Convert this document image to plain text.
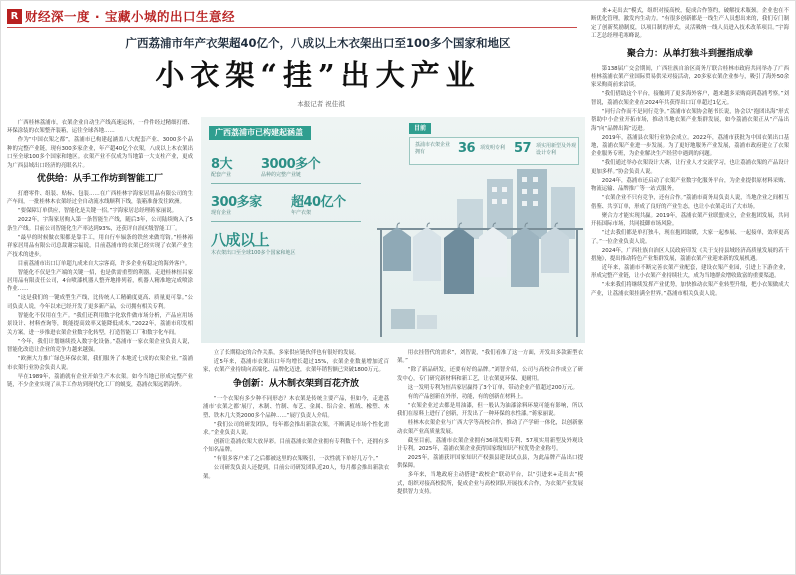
R 财经深一度 · 宝藏小城的出口生意经
广西荔浦市年产衣架超40亿个，八成以上木衣架出口至100多个国家和地区
小衣架“挂”出大产业
本报记者 祝佳祺

广西桂林荔浦市，衣架企业自动生产线高速运转，一件件经过精细打磨、环保涂装的衣架整齐装箱，运往全球各地……

作为“中国衣架之都”，荔浦市已构建起涵盖八大配套产业、3000多个品种的完整产业链，现有300多家企业，年产超40亿个衣架，八成以上木衣架出口至全球100多个国家和地区。衣架产业不仅成为当地第一大支柱产业，更成为广西县域出口经济的亮眼名片。

优供给：从手工作坊到智能工厂

打磨零件、组装、贴标、包装……在广西桂林宇海家居用品有限公司的生产车间，一批桂林木衣架经过全自动流水线顺利下线，装箱准备发往欧洲。

“要保障订单供应，智能化是关键一招。”宇海家居总经理蒋家丽说。

2022年，宇海家居购入第一条智能生产线，随后3年，公司陆续购入了5条生产线。目前公司智能化生产率达到93%，还获评自治区级智能工厂。

“最早的时候做衣架都是靠手工，用自行车辐条的铁丝来做弯钩。”桂林裕祥家居用品有限公司总裁谢宗福说，目前荔浦市的衣架已经实现了衣架产业生产技术的进步。

目前荔浦市出口订单超九成来自大宗客商，许多企业有稳定的海外客户。

智能化不仅是生产端的关键一招，也是供需重塑的利器。走进桂林恒昌家居用品有限责任公司，4台喷漆机器人整齐地排列着，机器人精准地完成喷涂作业……

“这是我们的一键成型生产线，比传统人工精确度更高、质量更可靠。”公司负责人说，今年以来已经开发了更多新产品，公司拥有相关专利。

智能化不仅用在生产。“我们还利用数字化软件做市场分析，产品应用场景设计、材料查询等，既能提高效率又能降低成本。”2022年，荔浦市印发相关方案，进一步推进衣架企业数字化转型，打造智能工厂和数字化车间。

“今年，我们计划继续投入数字化设备。”荔浦市一家衣架企业负责人说，智能化改造让企业的竞争力越来越强。

“欧洲大力推广绿色环保衣架，我们服务了本地近七成的衣架企业。”荔浦市衣架行业协会负责人说。

早在1989年，荔浦就有企业开始生产木衣架。如今当地已形成完整产业链，不少企业实现了从手工作坊到现代化工厂的蜕变，荔浦衣架远销海外。

广西荔浦市已构建起涵盖
8大
配套产业
3000多个
品种的完整产业链
300多家
现有企业
超40亿个
年产衣架
八成以上
木衣架出口至全球100多个国家和地区
目前
荔浦市衣架企业拥有	36 项发明专利 57 项实用新型及外观设计专利

立了长期稳定的合作关系，多家供应链伙伴也有很好的发展。

近5年来，荔浦市衣架出口年均增长超过15%，衣架企业数量增加近百家，衣架产业持续向高端化、品牌化迈进，衣架年销售额已突破1800万元。

争创新：从木制衣架到百花齐放

“一个衣架有多少种不同形态？木衣架是传统主要产品，但如今，走进荔浦市‘衣架之都’展厅，木制、竹制、布艺、金属、铝合金、植绒、橡塑、木塑、铁木几大类2000多个品种……”展厅负责人介绍。

“我们公司的研发团队，每年都会推出新款衣架，不断满足市场个性化需求。”企业负责人说。

创新让荔浦衣架大放异彩。目前荔浦衣架企业拥有专利数千个，还拥有多个知名品牌。

“有很多客户来了之后都被这里的衣架吸引，一次性就下单好几万个。”

公司研发负责人还提到，目前公司研发团队近20人，每月都会推出新款衣架。

用衣挂替代的需求”，刘智说，“我们看准了这一方面，开发出多款新型衣架。”

“除了新品研发，还要有好的品牌。”刘智介绍，公司与高校合作成立了研发中心，专门研究新材料和新工艺，让衣架更环保、更耐用。

这一发明专利为恒昌家居赢得了3个订单，带动企业产值超过200万元。

有的产品创新在外形，功能，有的创新在材料上。

“衣架企业过去都是用油漆，但一般认为油漆涂料环境可能有影响，所以我们在原料上进行了创新，开发出了一种环保的水性漆。”蒋家丽说。

桂林木衣架企业与广西大学等高校合作，推动了产学研一体化，以创新驱动衣架产业高质量发展。

截至目前，荔浦市衣架企业拥有36项发明专利、57项实用新型及外观设计专利。2025年，荔浦衣架企业获得国家级知识产权优势企业称号。

2025年，荔浦获评国家知识产权强县建设试点县，为此品牌产品出口提供保障。

多年来，当地政府主动搭建“政校企”联动平台，以“引进来+走出去”模式，组织对接高校院所，促成企业与高校团队开展技术合作，为衣架产业发展提供智力支持。

来+走出去”模式，组织对接高校，促成合作签约，破解技术瓶颈。企业也在不断优化管理，激发内生动力。“有很多创新都是一线生产人员想出来的，我们专门制定了创新奖励制度，以项目制的形式，灵活吸纳一线人员进入技术改革项目。”宇海工艺总经理毛寒峰说。

聚合力：从单打独斗到握指成拳

第138届广交会期间，广西壮族自治区商务厅联合桂林市政府共同举办了广西桂林荔浦衣架产业国际贸易供采对接活动，20多家衣架企业参与，吸引了海外50余家采购商前来洽谈。

“我们借助这个平台，接触到了更多海外客户，越来越多采购商到荔浦考察。”刘智说，荔浦衣架企业在2024年共获得出口订单超过1亿元。

“同行合作而不是同行竞争。”荔浦市衣架协会秘书长说，协会以“抱团出海”形式帮助中小企业开拓市场，推动当地衣架产业集群发展，如今荔浦衣架正从“产品出海”向“品牌出海”迈进。

2019年，荔浦县衣架行业协会成立。2022年，荔浦市获批为中国衣架出口基地，荔浦衣架产业进一步发展。为了更好地服务产业发展，荔浦市政府建立了衣架企业服务专班，为企业解决生产经营中遇到的问题。

“我们通过举办衣架设计大赛，让行业人才交流学习，也让荔浦衣架的产品设计更加多样。”协会负责人说。

2024年，荔浦市还启动了衣架产业数字化服务平台，为企业提供原材料采购、物流运输、品牌推广等一站式服务。

“衣架企业不只有竞争，还有合作。”荔浦市商务局负责人说，当地企业之间相互借鉴、共享订单，形成了良好的产业生态，也让小衣架走出了大市场。

聚合力才能实现共赢。2019年，荔浦衣架产业联盟成立，企业抱团发展，共同开拓国际市场，共同抵御市场风险。

“过去我们都是单打独斗，现在抱团取暖，大家一起参展、一起接单，效率更高了。”一位企业负责人说。

2024年，广西壮族自治区人民政府印发《关于支持县域经济高质量发展的若干措施》，提出推动特色产业集群发展，荔浦衣架产业迎来新的发展机遇。

近年来，荔浦市不断完善衣架产业配套，建设衣架产业园，引进上下游企业，形成完整产业链，让小衣架产业持续壮大，成为当地群众增收致富的重要渠道。

“未来我们将继续发挥产业优势，加快推动衣架产业转型升级，把小衣架做成大产业，让荔浦衣架挂满全世界。”荔浦市相关负责人说。
